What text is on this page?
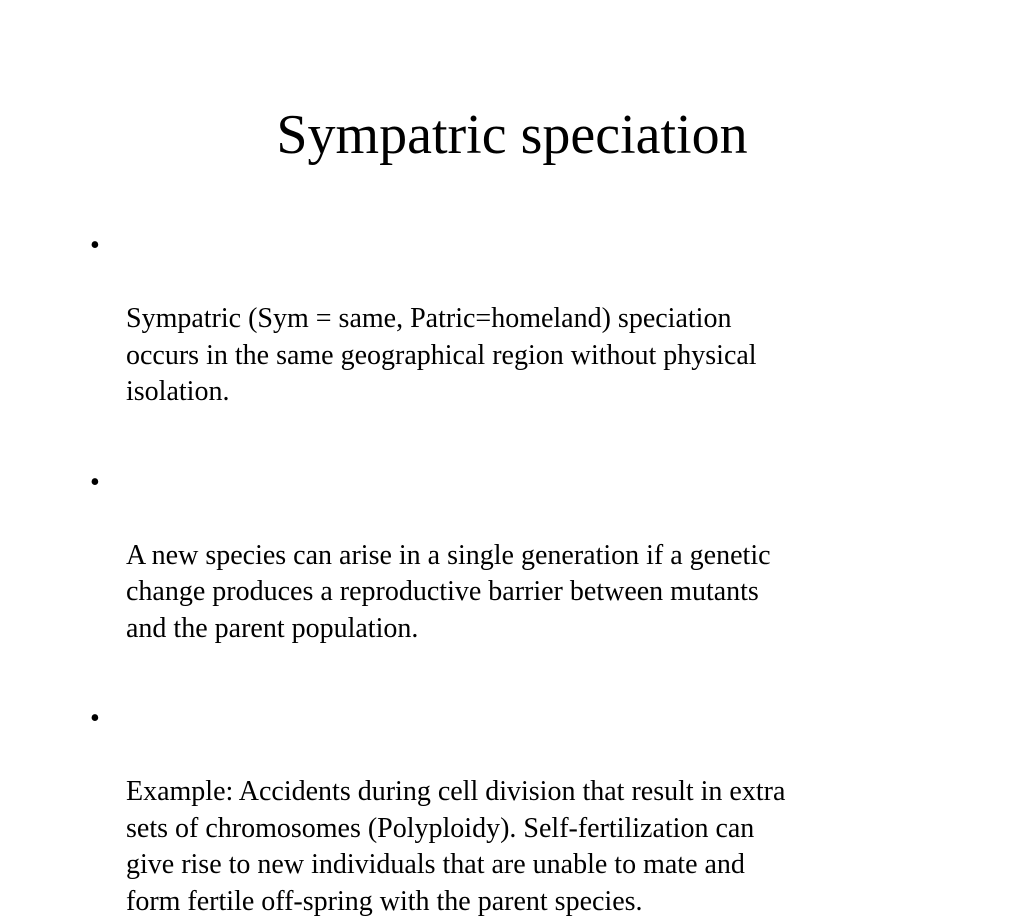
Sympatric speciation

•

Sympatric (Sym = same, Patric=homeland) speciation
occurs in the same geographical region without physical
isolation.

•

A new species can arise in a single generation if a genetic
change produces a reproductive barrier between mutants
and the parent population.

•

Example: Accidents during cell division that result in extra
sets of chromosomes (Polyploidy). Self-fertilization can
give rise to new individuals that are unable to mate and
form fertile off-spring with the parent species.
